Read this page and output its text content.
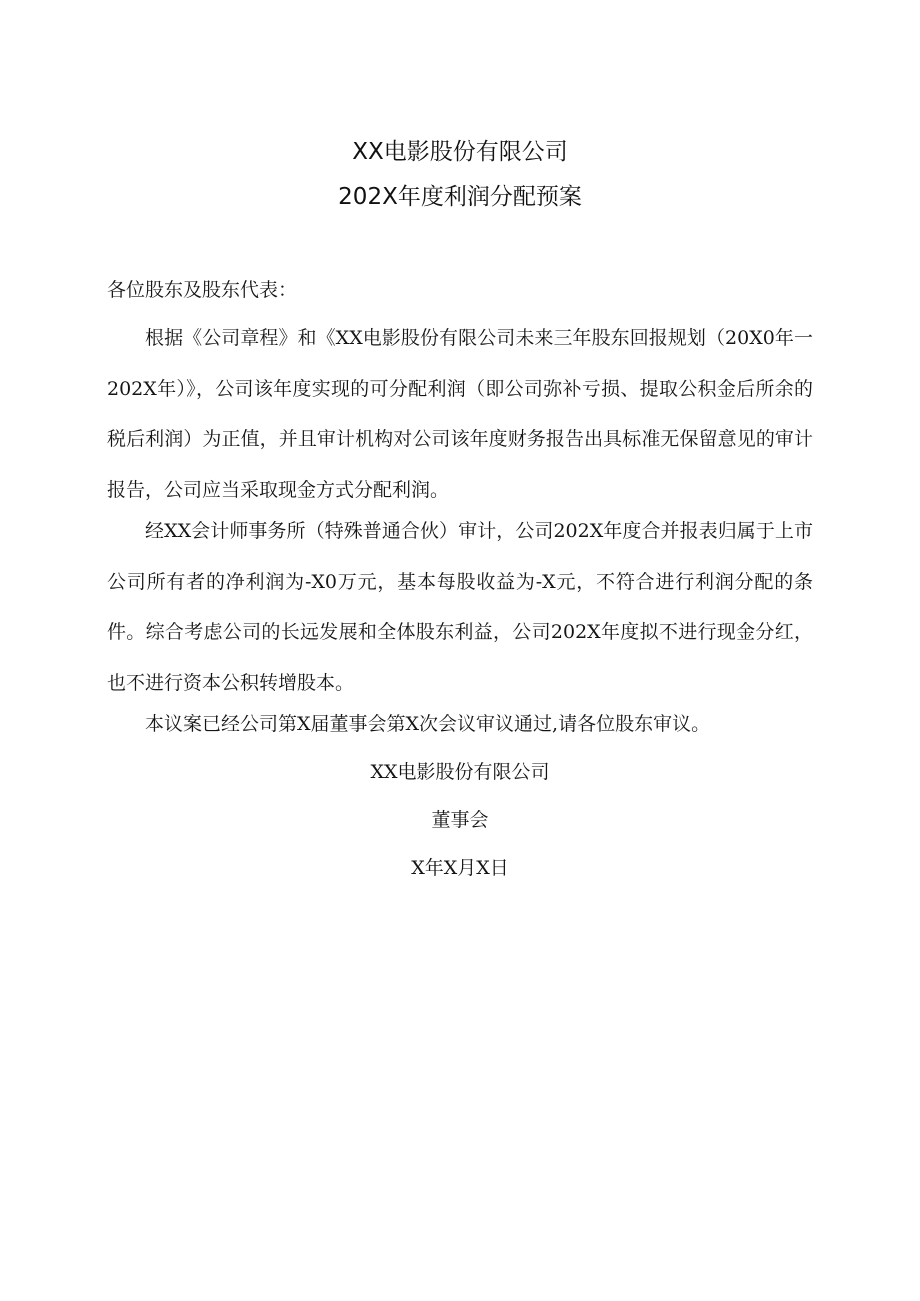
XX电影股份有限公司
202X年度利润分配预案
各位股东及股东代表：

根据《公司章程》和《XX电影股份有限公司未来三年股东回报规划（20X0年一202X年）》，公司该年度实现的可分配利润（即公司弥补亏损、提取公积金后所余的税后利润）为正值，并且审计机构对公司该年度财务报告出具标准无保留意见的审计报告，公司应当采取现金方式分配利润。

经XX会计师事务所（特殊普通合伙）审计，公司202X年度合并报表归属于上市公司所有者的净利润为-X0万元，基本每股收益为-X元，不符合进行利润分配的条件。综合考虑公司的长远发展和全体股东利益，公司202X年度拟不进行现金分红，也不进行资本公积转增股本。

本议案已经公司第X届董事会第X次会议审议通过,请各位股东审议。

XX电影股份有限公司
董事会
X年X月X日
